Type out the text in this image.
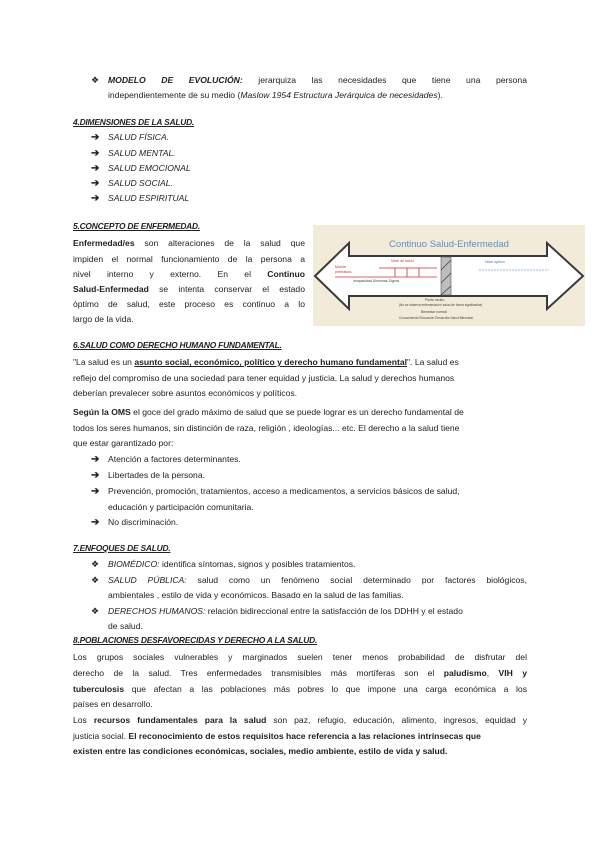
❖ MODELO DE EVOLUCIÓN: jerarquiza las necesidades que tiene una persona
independientemente de su medio (Maslow 1954 Estructura Jerárquica de necesidades).
4.DIMENSIONES DE LA SALUD.
➔ SALUD FÍSICA.
➔ SALUD MENTAL.
➔ SALUD EMOCIONAL
➔ SALUD SOCIAL.
➔ SALUD ESPIRITUAL
5.CONCEPTO DE ENFERMEDAD.
Enfermedad/es son alteraciones de la salud que
impiden el normal funcionamiento de la persona a
nivel interno y externo. En el Continuo
Salud-Enfermedad se intenta conservar el estado
óptimo de salud, este proceso es continuo a lo
largo de la vida.
Continuo Salud-Enfermedad
Muerte
prematura
Nivel de salud
Incapacidad Síntomas Signos
Nivel óptimo
Punto neutro
(No se observa enfermedad ni salud de forma significativa)
Bienestar normal
Conocimiento Educación Desarrollo Salud Bienestar
6.SALUD COMO DERECHO HUMANO FUNDAMENTAL.
"La salud es un asunto social, económico, político y derecho humano fundamental". La salud es
reflejo del compromiso de una sociedad para tener equidad y justicia. La salud y derechos humanos
deberían prevalecer sobre asuntos económicos y políticos.
Según la OMS el goce del grado máximo de salud que se puede lograr es un derecho fundamental de
todos los seres humanos, sin distinción de raza, religión , ideologías... etc. El derecho a la salud tiene
que estar garantizado por:
➔ Atención a factores determinantes.
➔ Libertades de la persona.
➔ Prevención, promoción, tratamientos, acceso a medicamentos, a servicios básicos de salud,
educación y participación comunitaria.
➔ No discriminación.
7.ENFOQUES DE SALUD.
❖ BIOMÉDICO: identifica síntomas, signos y posibles tratamientos.
❖ SALUD PÚBLICA: salud como un fenómeno social determinado por factores biológicos,
ambientales , estilo de vida y económicos. Basado en la salud de las familias.
❖ DERECHOS HUMANOS: relación bidireccional entre la satisfacción de los DDHH y el estado
de salud.
8.POBLACIONES DESFAVORECIDAS Y DERECHO A LA SALUD.
Los grupos sociales vulnerables y marginados suelen tener menos probabilidad de disfrutar del
derecho de la salud. Tres enfermedades transmisibles más mortíferas son el paludismo, VIH y
tuberculosis que afectan a las poblaciones más pobres lo que impone una carga económica a los
países en desarrollo.
Los recursos fundamentales para la salud son paz, refugio, educación, alimento, ingresos, equidad y
justicia social. El reconocimiento de estos requisitos hace referencia a las relaciones intrínsecas que
existen entre las condiciones económicas, sociales, medio ambiente, estilo de vida y salud.
